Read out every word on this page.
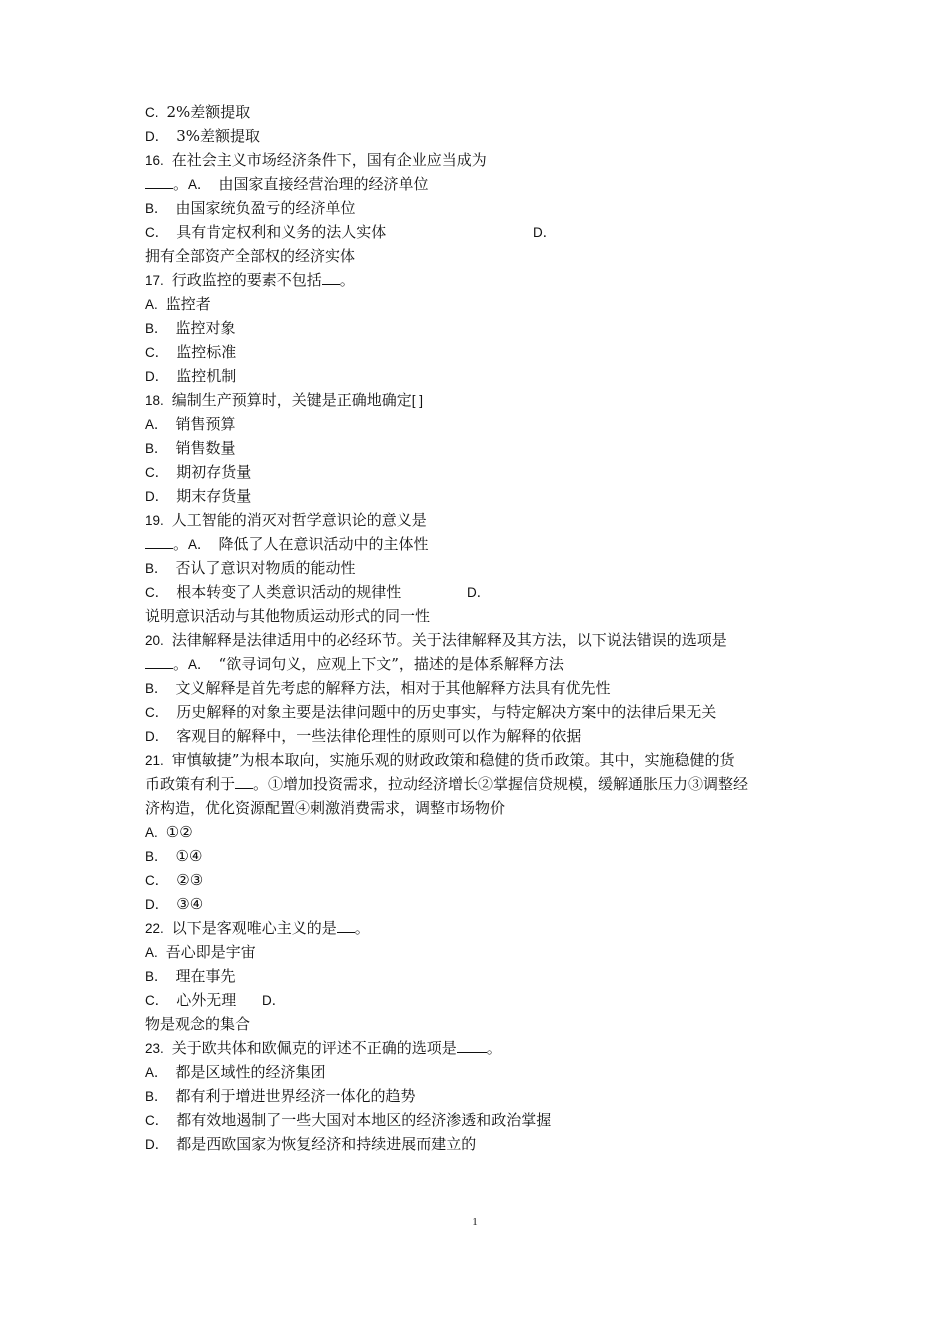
C. 2%差额提取
D． 3%差额提取
16. 在社会主义市场经济条件下，国有企业应当成为
。A． 由国家直接经营治理的经济单位
B． 由国家统负盈亏的经济单位
C． 具有肯定权利和义务的法人实体	D．
拥有全部资产全部权的经济实体
17. 行政监控的要素不包括 。
A. 监控者
B． 监控对象
C． 监控标准
D． 监控机制
18. 编制生产预算时，关键是正确地确定[ ]
A． 销售预算
B． 销售数量
C． 期初存货量
D． 期末存货量
19. 人工智能的消灭对哲学意识论的意义是
。A． 降低了人在意识活动中的主体性
B． 否认了意识对物质的能动性
C． 根本转变了人类意识活动的规律性	D．
说明意识活动与其他物质运动形式的同一性
20. 法律解释是法律适用中的必经环节。关于法律解释及其方法，以下说法错误的选项是
。A． “欲寻词句义，应观上下文”，描述的是体系解释方法
B． 文义解释是首先考虑的解释方法，相对于其他解释方法具有优先性
C． 历史解释的对象主要是法律问题中的历史事实，与特定解决方案中的法律后果无关
D． 客观目的解释中，一些法律伦理性的原则可以作为解释的依据
21. 审慎敏捷”为根本取向，实施乐观的财政政策和稳健的货币政策。其中，实施稳健的货
币政策有利于 。①增加投资需求，拉动经济增长②掌握信贷规模，缓解通胀压力③调整经
济构造，优化资源配置④刺激消费需求，调整市场物价
A. ①②
B． ①④
C． ②③
D． ③④
22. 以下是客观唯心主义的是 。
A. 吾心即是宇宙
B． 理在事先
C． 心外无理 D．
物是观念的集合
23. 关于欧共体和欧佩克的评述不正确的选项是 。
A． 都是区域性的经济集团
B． 都有利于增进世界经济一体化的趋势
C． 都有效地遏制了一些大国对本地区的经济渗透和政治掌握
D． 都是西欧国家为恢复经济和持续进展而建立的
1
